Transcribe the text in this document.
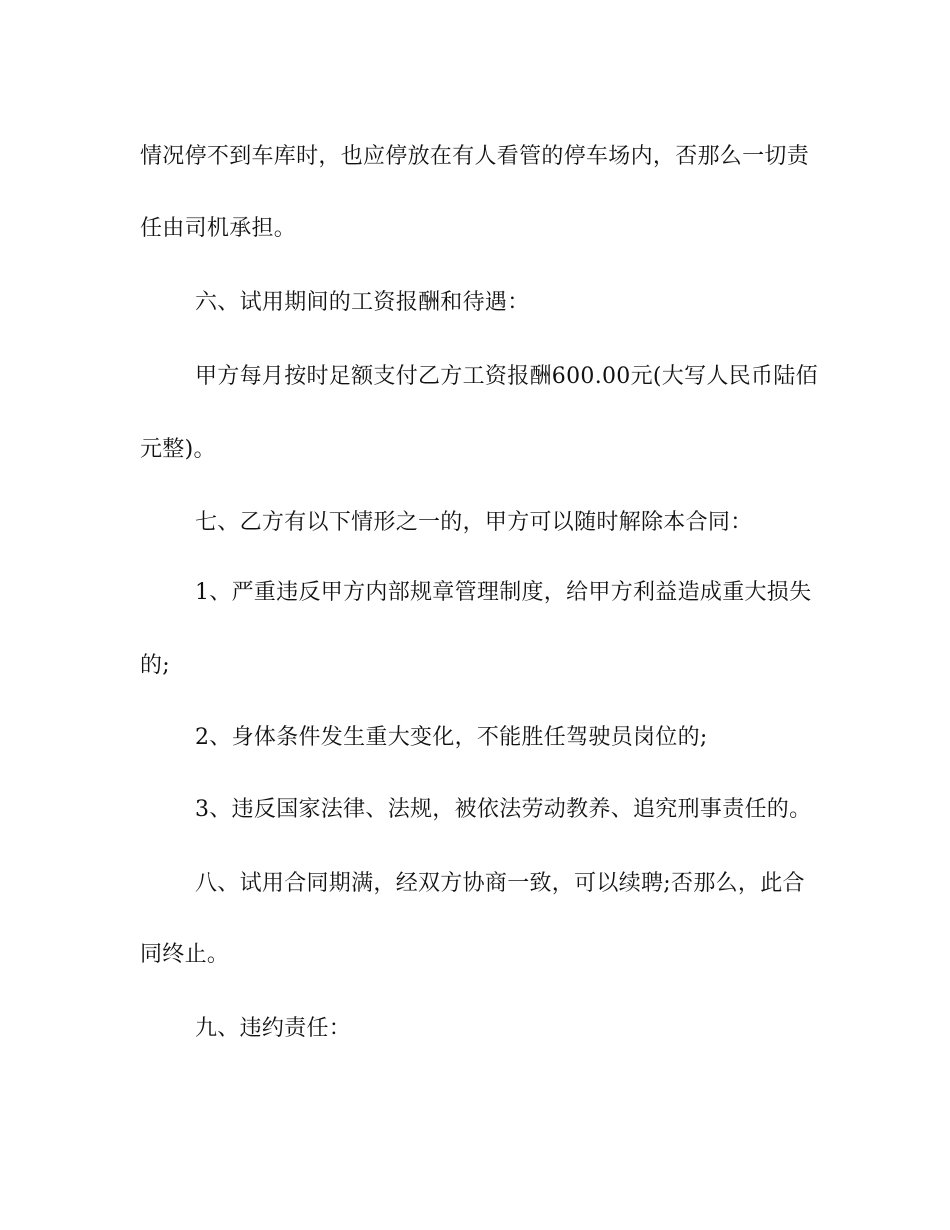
情况停不到车库时，也应停放在有人看管的停车场内，否那么一切责
任由司机承担。
六、试用期间的工资报酬和待遇：
甲方每月按时足额支付乙方工资报酬600.00元(大写人民币陆佰
元整)。
七、乙方有以下情形之一的，甲方可以随时解除本合同：
1、严重违反甲方内部规章管理制度，给甲方利益造成重大损失
的;
2、身体条件发生重大变化，不能胜任驾驶员岗位的;
3、违反国家法律、法规，被依法劳动教养、追究刑事责任的。
八、试用合同期满，经双方协商一致，可以续聘;否那么，此合
同终止。
九、违约责任：
